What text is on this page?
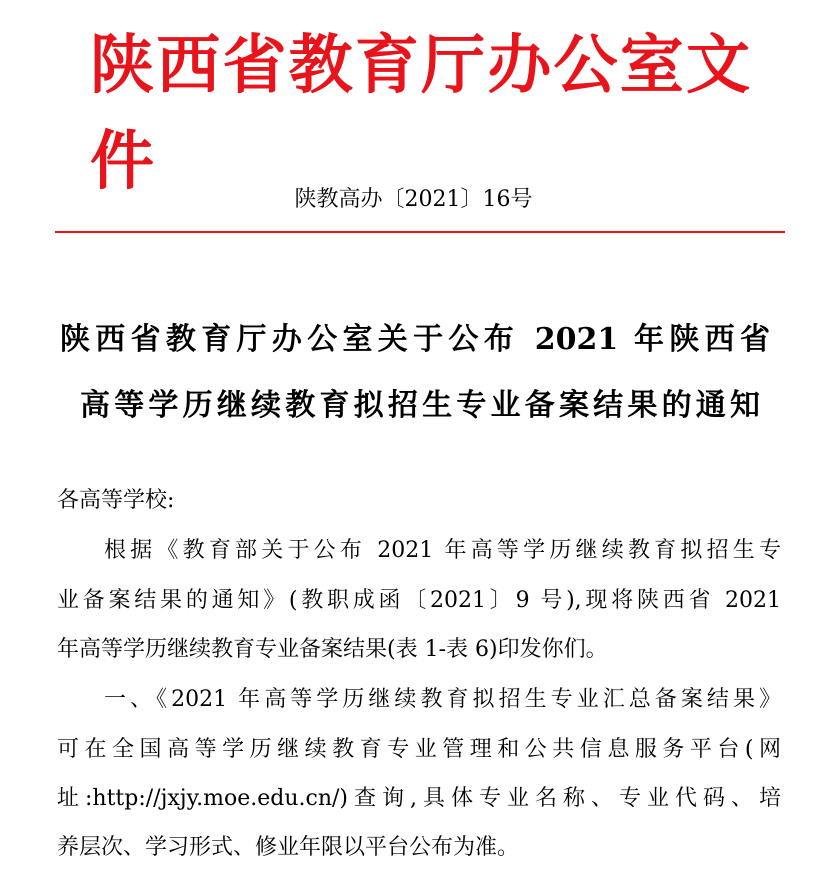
陕西省教育厅办公室文件
陕教高办〔2021〕16号
陕西省教育厅办公室关于公布 2021 年陕西省
高等学历继续教育拟招生专业备案结果的通知
各高等学校:
根据《教育部关于公布 2021 年高等学历继续教育拟招生专
业备案结果的通知》(教职成函〔2021〕9 号),现将陕西省 2021
年高等学历继续教育专业备案结果(表 1-表 6)印发你们。
一、《2021 年高等学历继续教育拟招生专业汇总备案结果》
可在全国高等学历继续教育专业管理和公共信息服务平台(网
址:http://jxjy.moe.edu.cn/)查询,具体专业名称、专业代码、培
养层次、学习形式、修业年限以平台公布为准。
